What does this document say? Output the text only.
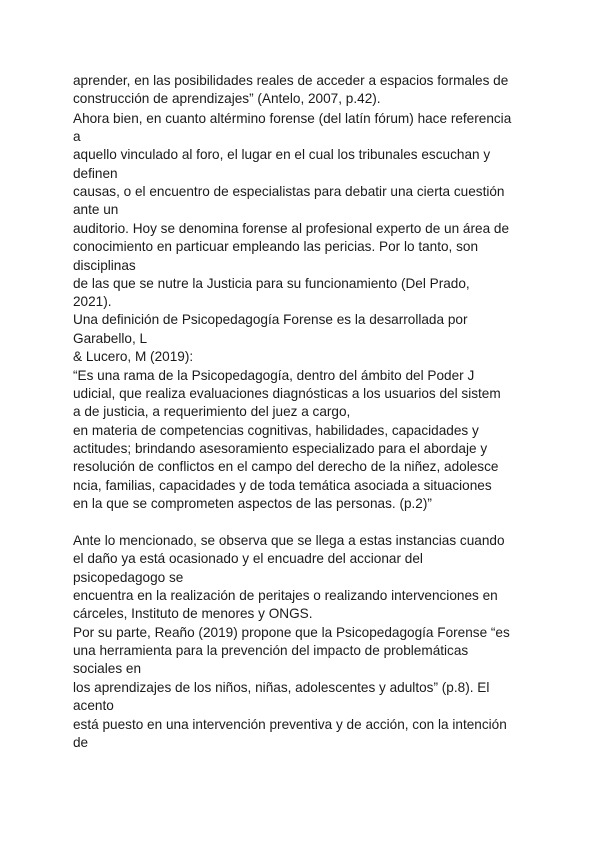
aprender, en las posibilidades reales de acceder a espacios formales de
construcción de aprendizajes” (Antelo, 2007, p.42).
Ahora bien, en cuanto altérmino forense (del latín fórum) hace referencia
a
aquello vinculado al foro, el lugar en el cual los tribunales escuchan y
definen
causas, o el encuentro de especialistas para debatir una cierta cuestión
ante un
auditorio. Hoy se denomina forense al profesional experto de un área de
conocimiento en particuar empleando las pericias. Por lo tanto, son
disciplinas
de las que se nutre la Justicia para su funcionamiento (Del Prado,
2021).
Una definición de Psicopedagogía Forense es la desarrollada por
Garabello, L
& Lucero, M (2019):
“Es una rama de la Psicopedagogía, dentro del ámbito del Poder J
udicial, que realiza evaluaciones diagnósticas a los usuarios del sistem
a de justicia, a requerimiento del juez a cargo,
en materia de competencias cognitivas, habilidades, capacidades y
actitudes; brindando asesoramiento especializado para el abordaje y
resolución de conflictos en el campo del derecho de la niñez, adolesce
ncia, familias, capacidades y de toda temática asociada a situaciones
en la que se comprometen aspectos de las personas. (p.2)”
Ante lo mencionado, se observa que se llega a estas instancias cuando
el daño ya está ocasionado y el encuadre del accionar del
psicopedagogo se
encuentra en la realización de peritajes o realizando intervenciones en
cárceles, Instituto de menores y ONGS.
Por su parte, Reaño (2019) propone que la Psicopedagogía Forense “es
una herramienta para la prevención del impacto de problemáticas
sociales en
los aprendizajes de los niños, niñas, adolescentes y adultos” (p.8). El
acento
está puesto en una intervención preventiva y de acción, con la intención
de
